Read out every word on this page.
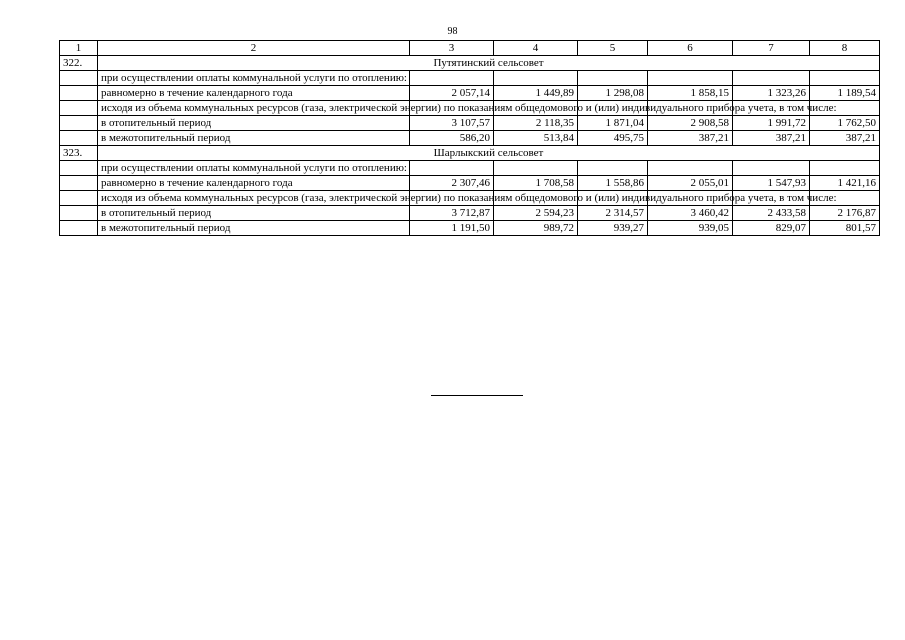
98
1	2	3	4	5	6	7	8
322.	Путятинский сельсовет						
	при осуществлении оплаты коммунальной услуги по отоплению:						
	равномерно в течение календарного года	2 057,14	1 449,89	1 298,08	1 858,15	1 323,26	1 189,54
	исходя из объема коммунальных ресурсов (газа, электрической энергии) по показаниям общедомового и (или) индивидуального прибора учета, в том числе:						
	в отопительный период	3 107,57	2 118,35	1 871,04	2 908,58	1 991,72	1 762,50
	в межотопительный период	586,20	513,84	495,75	387,21	387,21	387,21
323.	Шарлыкский сельсовет						
	при осуществлении оплаты коммунальной услуги по отоплению:						
	равномерно в течение календарного года	2 307,46	1 708,58	1 558,86	2 055,01	1 547,93	1 421,16
	исходя из объема коммунальных ресурсов (газа, электрической энергии) по показаниям общедомового и (или) индивидуального прибора учета, в том числе:						
	в отопительный период	3 712,87	2 594,23	2 314,57	3 460,42	2 433,58	2 176,87
	в межотопительный период	1 191,50	989,72	939,27	939,05	829,07	801,57
